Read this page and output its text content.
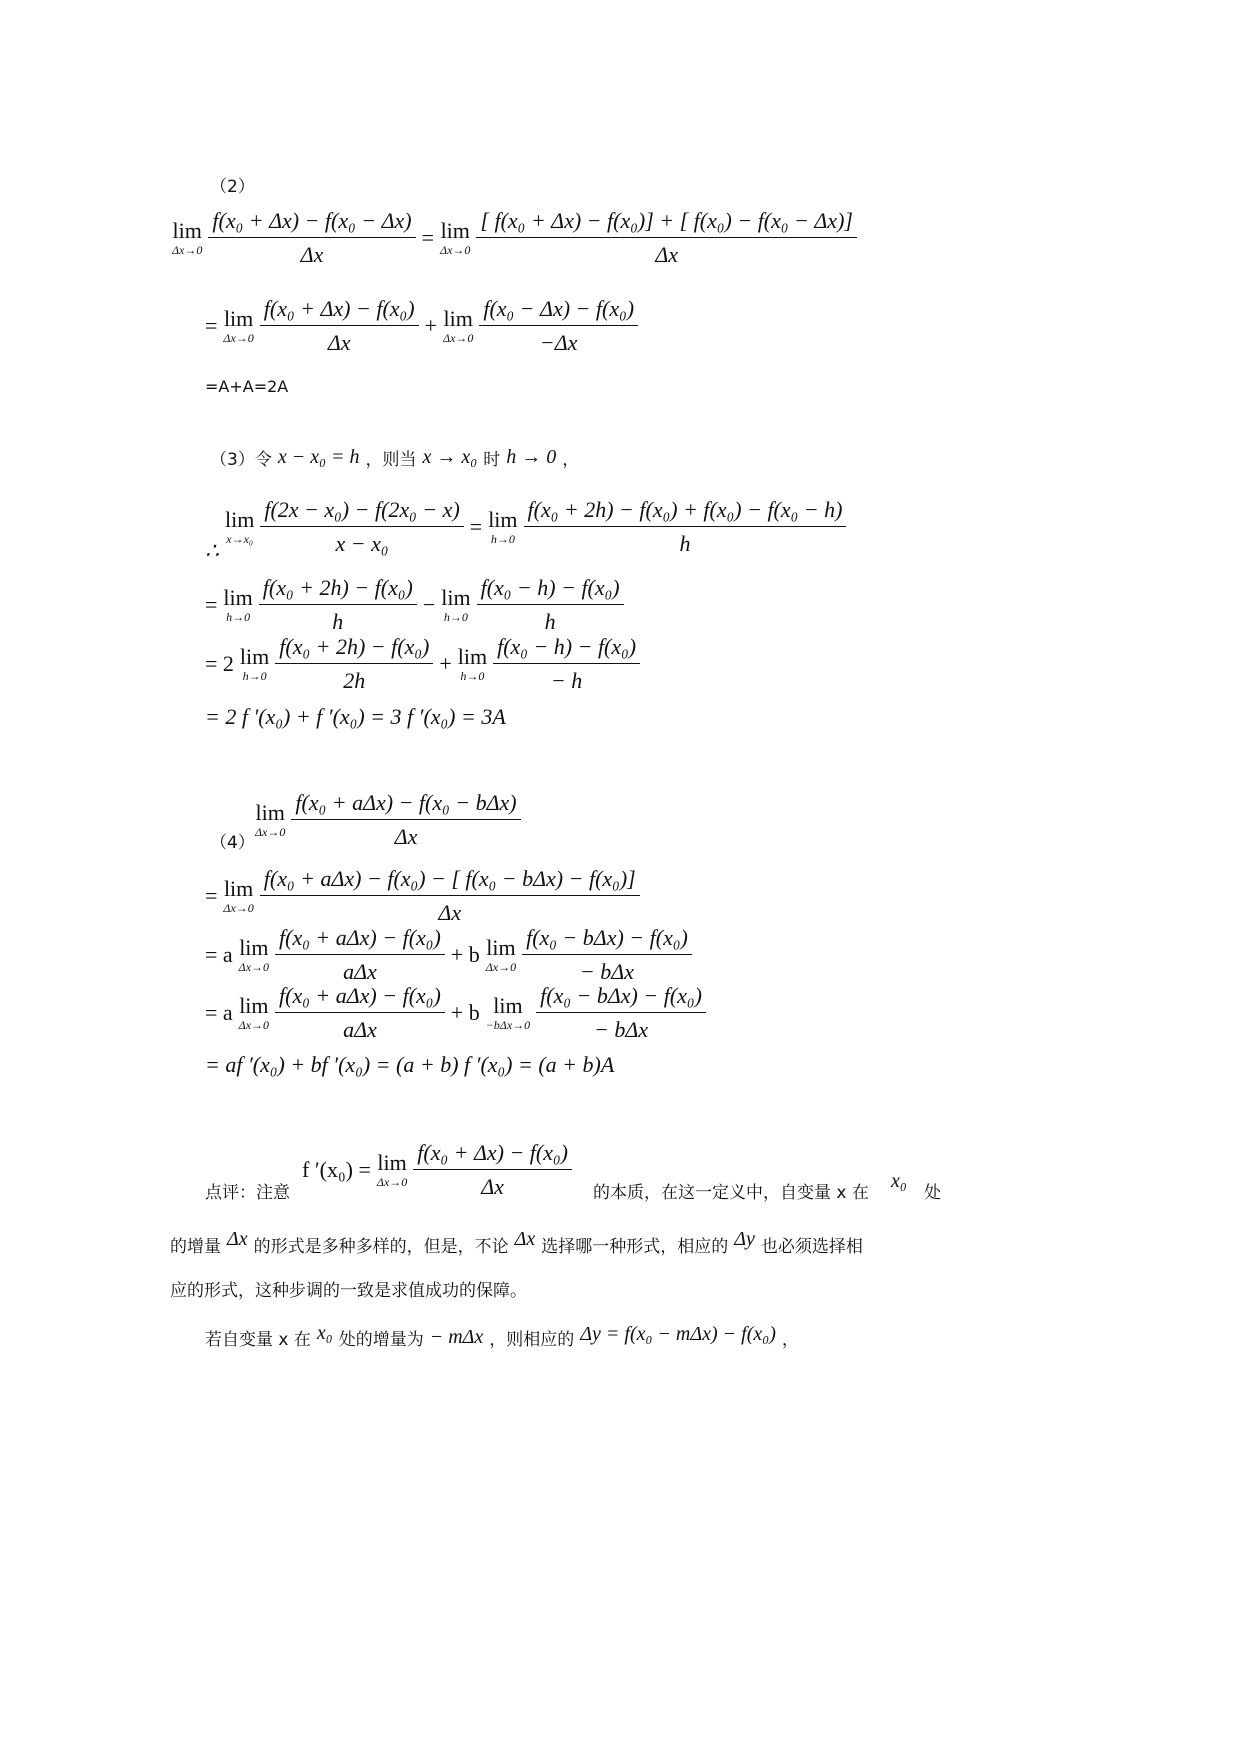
（2）
lim
$\Delta x\to 0 \frac{\text{f(x₀ + Δx) − f(x₀ − Δx)}}{\Delta x} = \lim$
$\Delta x\to 0 \frac{\text{[ f(x₀ + Δx) − f(x₀)] + [ f(x₀) − f(x₀ − Δx)]}}{\Delta x}$
= lim
$\Delta x\to 0 \frac{\text{f(x₀ + Δx) − f(x₀)}}{\Delta x} + \lim$
$\Delta x\to 0 \frac{\text{f(x₀ − Δx) − f(x₀)}}{-\Delta x}$
=A+A=2A
（3）令 x − x₀ = h ，则当 x → x₀ 时 h → 0 ，
∴
lim
$x\to x_0 \frac{\text{f(2x − x₀) − f(2x₀ − x)}}{\text{x − x₀}} = \lim$
$h\to 0 \frac{\text{f(x₀ + 2h) − f(x₀) + f(x₀) − f(x₀ − h)}}{h}$
= lim
$h\to 0 \frac{\text{f(x₀ + 2h) − f(x₀)}}{h} - \lim$
$h\to 0 \frac{\text{f(x₀ − h) − f(x₀)}}{h}$
= 2 lim
$h\to 0 \frac{\text{f(x₀ + 2h) − f(x₀)}}{2h} + \lim$
$h\to 0 \frac{\text{f(x₀ − h) − f(x₀)}}{- h}$
= 2 f ′(x₀) + f ′(x₀) = 3 f ′(x₀) = 3A
（4）
lim
$\Delta x\to 0 \frac{\text{f(x₀ + aΔx) − f(x₀ − bΔx)}}{\Delta x}$
= lim
$\Delta x\to 0 \frac{\text{f(x₀ + aΔx) − f(x₀) − [ f(x₀ − bΔx) − f(x₀)]}}{\Delta x}$
= a lim
$\Delta x\to 0 \frac{\text{f(x₀ + aΔx) − f(x₀)}}{\text{aΔx}} + b$ lim
$\Delta x\to 0 \frac{\text{f(x₀ − bΔx) − f(x₀)}}{\text{− bΔx}}$
= a lim
$\Delta x\to 0 \frac{\text{f(x₀ + aΔx) − f(x₀)}}{\text{aΔx}} + b$ lim
$-b\Delta x\to 0 \frac{\text{f(x₀ − bΔx) − f(x₀)}}{\text{− bΔx}}$
= af ′(x₀) + bf ′(x₀) = (a + b) f ′(x₀) = (a + b)A
点评：注意
f ′(x₀) = lim
$\Delta x\to 0 \frac{\text{f(x₀ + Δx) − f(x₀)}}{\Delta x}$ 的本质，在这一定义中，自变量 x 在
x₀
处
的增量 Δx 的形式是多种多样的，但是，不论 Δx 选择哪一种形式，相应的 Δy 也必须选择相
应的形式，这种步调的一致是求值成功的保障。
若自变量 x 在 x₀ 处的增量为 − mΔx ，则相应的 Δy = f(x₀ − mΔx) − f(x₀) ，
